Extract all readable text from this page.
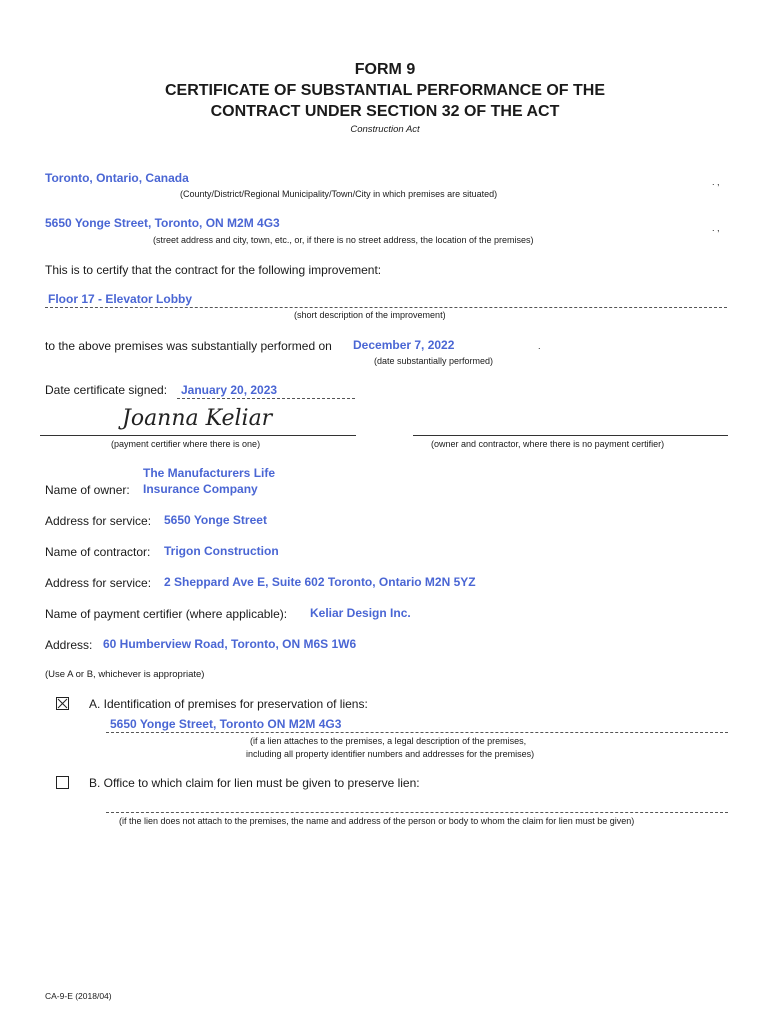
FORM 9
CERTIFICATE OF SUBSTANTIAL PERFORMANCE OF THE
CONTRACT UNDER SECTION 32 OF THE ACT
Construction Act
Toronto, Ontario, Canada
(County/District/Regional Municipality/Town/City in which premises are situated)
. ,
5650 Yonge Street, Toronto, ON M2M 4G3
(street address and city, town, etc., or, if there is no street address, the location of the premises)
. ,
This is to certify that the contract for the following improvement:
Floor 17 - Elevator Lobby
(short description of the improvement)
to the above premises was substantially performed on December 7, 2022	.
(date substantially performed)
Date certificate signed: January 20, 2023
Joanna Keliar
(payment certifier where there is one)	(owner and contractor, where there is no payment certifier)
The Manufacturers Life
Name of owner: Insurance Company
Address for service: 5650 Yonge Street
Name of contractor: Trigon Construction
Address for service: 2 Sheppard Ave E, Suite 602 Toronto, Ontario M2N 5YZ
Name of payment certifier (where applicable): Keliar Design Inc.
Address: 60 Humberview Road, Toronto, ON M6S 1W6
(Use A or B, whichever is appropriate)
A. Identification of premises for preservation of liens:
5650 Yonge Street, Toronto ON M2M 4G3
(if a lien attaches to the premises, a legal description of the premises,
including all property identifier numbers and addresses for the premises)
B. Office to which claim for lien must be given to preserve lien:
(if the lien does not attach to the premises, the name and address of the person or body to whom the claim for lien must be given)
CA-9-E (2018/04)
